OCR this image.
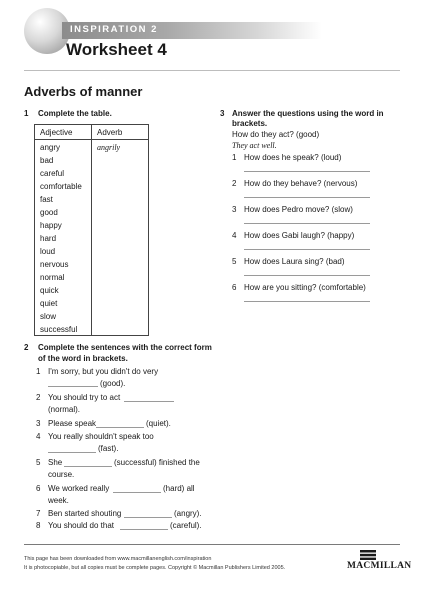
INSPIRATION 2
Worksheet 4
Adverbs of manner
1 Complete the table.
Adjective	Adverb
angry	angrily
bad
careful
comfortable
fast
good
happy
hard
loud
nervous
normal
quick
quiet
slow
successful
2 Complete the sentences with the correct form
of the word in brackets.
1 I'm sorry, but you didn't do very
(good).
2 You should try to act
(normal).
3 Please speak	(quiet).
4 You really shouldn't speak too
(fast).
5 She	(successful) finished the
course.
6 We worked really	(hard) all
week.
7 Ben started shouting	(angry).
8 You should do that	(careful).
3 Answer the questions using the word in
brackets.
How do they act? (good)
They act well.
1 How does he speak? (loud)
2 How do they behave? (nervous)
3 How does Pedro move? (slow)
4 How does Gabi laugh? (happy)
5 How does Laura sing? (bad)
6 How are you sitting? (comfortable)
This page has been downloaded from www.macmillanenglish.com/inspiration
It is photocopiable, but all copies must be complete pages. Copyright © Macmillan Publishers Limited 2005.	MACMILLAN
